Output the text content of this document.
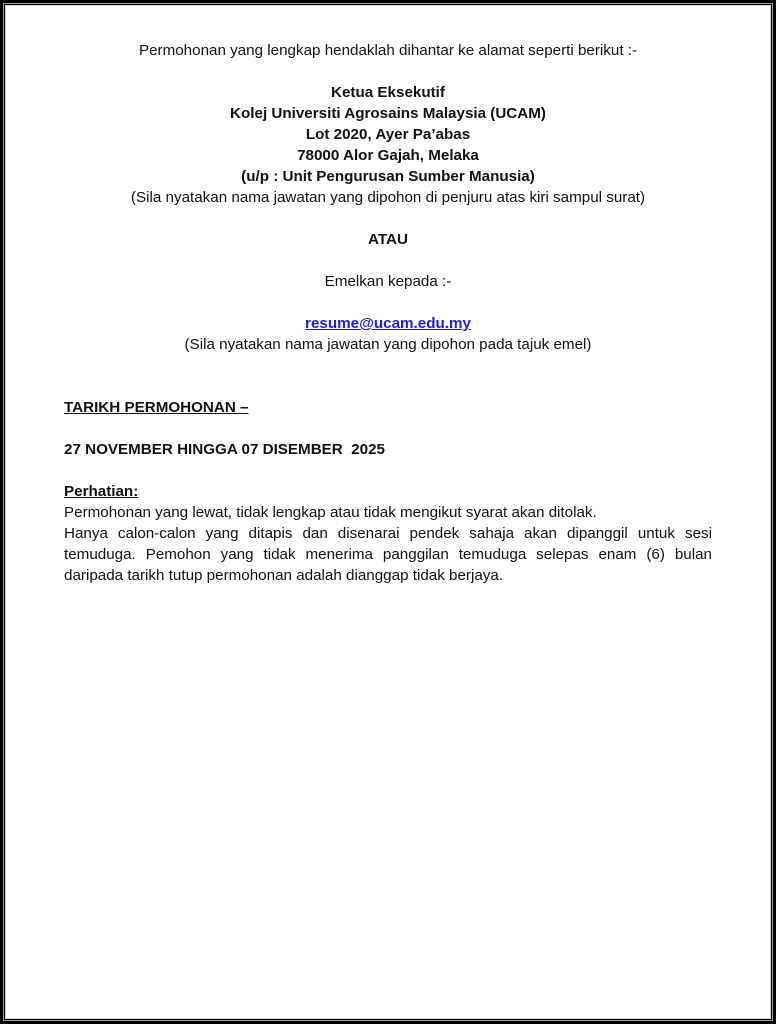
Permohonan yang lengkap hendaklah dihantar ke alamat seperti berikut :-
Ketua Eksekutif
Kolej Universiti Agrosains Malaysia (UCAM)
Lot 2020, Ayer Pa’abas
78000 Alor Gajah, Melaka
(u/p : Unit Pengurusan Sumber Manusia)
(Sila nyatakan nama jawatan yang dipohon di penjuru atas kiri sampul surat)
ATAU
Emelkan kepada :-
resume@ucam.edu.my
(Sila nyatakan nama jawatan yang dipohon pada tajuk emel)
TARIKH PERMOHONAN –
27 NOVEMBER HINGGA 07 DISEMBER  2025
Perhatian:
Permohonan yang lewat, tidak lengkap atau tidak mengikut syarat akan ditolak.
Hanya calon-calon yang ditapis dan disenarai pendek sahaja akan dipanggil untuk sesi temuduga. Pemohon yang tidak menerima panggilan temuduga selepas enam (6) bulan daripada tarikh tutup permohonan adalah dianggap tidak berjaya.
